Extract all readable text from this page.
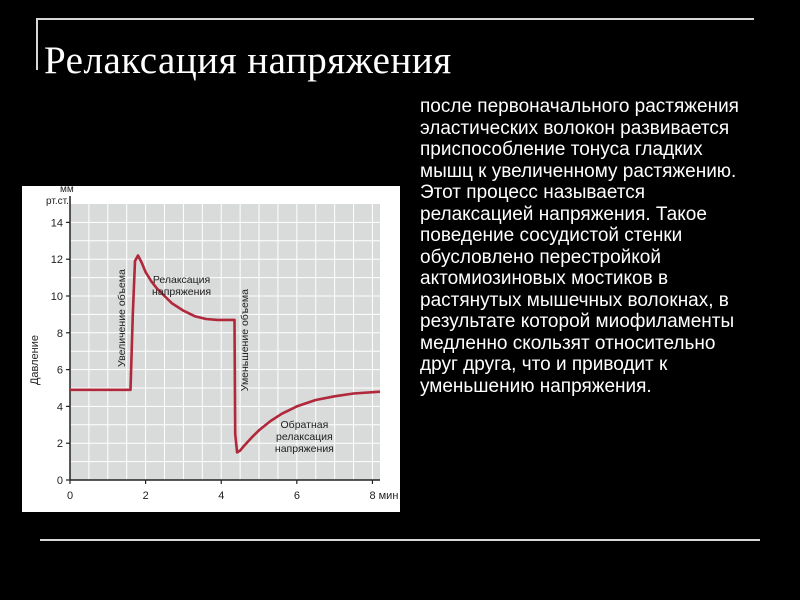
Релаксация напряжения
0
2
4
6
8
10
12
14
0	2	4	6	8 мин
мм
рт.ст.
Давление	Увеличение объема Релаксация напряжения	Уменьшение объема
Обратная релаксация напряжения
после первоначального растяжения эластических волокон развивается приспособление тонуса гладких мышц к увеличенному растяжению. Этот процесс называется релаксацией напряжения. Такое поведение сосудистой стенки обусловлено перестройкой актомиозиновых мостиков в растянутых мышечных волокнах, в результате которой миофиламенты медленно скользят относительно друг друга, что и приводит к уменьшению напряжения.
